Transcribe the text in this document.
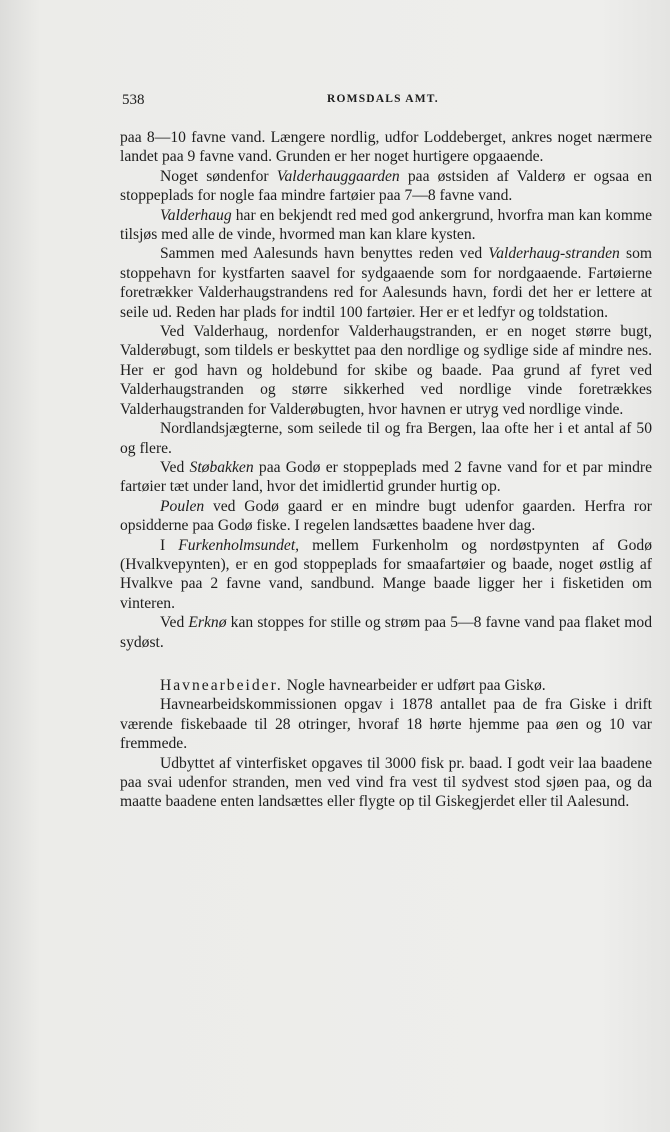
538	ROMSDALS AMT.

paa 8—10 favne vand. Længere nordlig, udfor Loddeberget, ankres noget nærmere landet paa 9 favne vand. Grunden er her noget hurtigere opgaaende.

Noget søndenfor Valderhauggaarden paa østsiden af Valderø er ogsaa en stoppeplads for nogle faa mindre fartøier paa 7—8 favne vand.

Valderhaug har en bekjendt red med god ankergrund, hvorfra man kan komme tilsjøs med alle de vinde, hvormed man kan klare kysten.

Sammen med Aalesunds havn benyttes reden ved Valderhaug-stranden som stoppehavn for kystfarten saavel for sydgaaende som for nordgaaende. Fartøierne foretrækker Valderhaugstrandens red for Aalesunds havn, fordi det her er lettere at seile ud. Reden har plads for indtil 100 fartøier. Her er et ledfyr og toldstation.

Ved Valderhaug, nordenfor Valderhaugstranden, er en noget større bugt, Valderøbugt, som tildels er beskyttet paa den nordlige og sydlige side af mindre nes. Her er god havn og holdebund for skibe og baade. Paa grund af fyret ved Valderhaugstranden og større sikkerhed ved nordlige vinde foretrækkes Valderhaugstranden for Valderøbugten, hvor havnen er utryg ved nordlige vinde.

Nordlandsjægterne, som seilede til og fra Bergen, laa ofte her i et antal af 50 og flere.

Ved Støbakken paa Godø er stoppeplads med 2 favne vand for et par mindre fartøier tæt under land, hvor det imidlertid grunder hurtig op.

Poulen ved Godø gaard er en mindre bugt udenfor gaarden. Herfra ror opsidderne paa Godø fiske. I regelen landsættes baadene hver dag.

I Furkenholmsundet, mellem Furkenholm og nordøstpynten af Godø (Hvalkvepynten), er en god stoppeplads for smaafartøier og baade, noget østlig af Hvalkve paa 2 favne vand, sandbund. Mange baade ligger her i fisketiden om vinteren.

Ved Erknø kan stoppes for stille og strøm paa 5—8 favne vand paa flaket mod sydøst.

Havnearbeider. Nogle havnearbeider er udført paa Giskø.

Havnearbeidskommissionen opgav i 1878 antallet paa de fra Giske i drift værende fiskebaade til 28 otringer, hvoraf 18 hørte hjemme paa øen og 10 var fremmede.

Udbyttet af vinterfisket opgaves til 3000 fisk pr. baad. I godt veir laa baadene paa svai udenfor stranden, men ved vind fra vest til sydvest stod sjøen paa, og da maatte baadene enten landsættes eller flygte op til Giskegjerdet eller til Aalesund.
